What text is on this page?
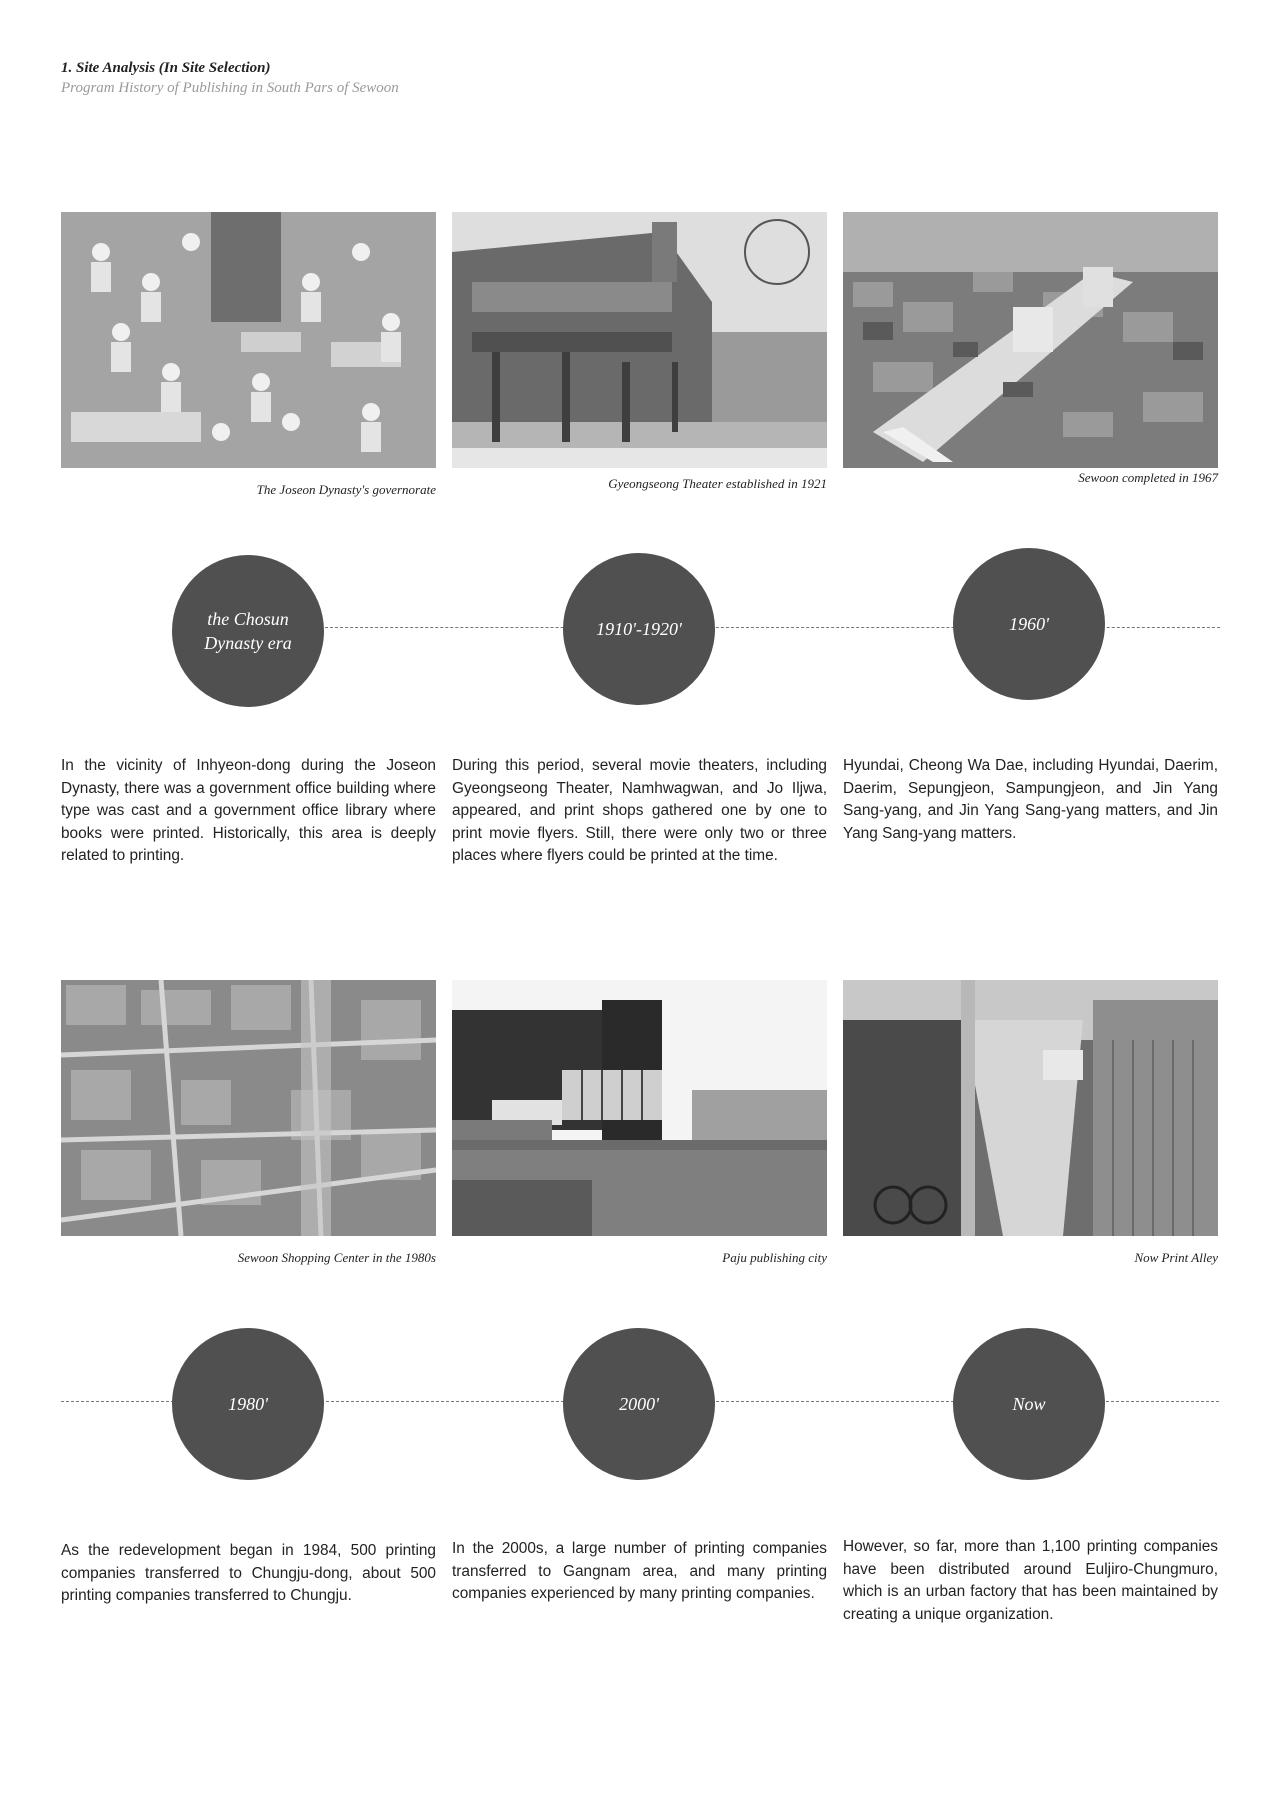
1. Site Analysis (In Site Selection)
Program History of Publishing in South Pars of Sewoon
The Joseon Dynasty's governorate	Gyeongseong Theater established in 1921	Sewoon completed in 1967
the Chosun Dynasty era
1910'-1920'	1960'
In the vicinity of Inhyeon-dong during the Joseon Dynasty, there was a government office building where type was cast and a government office library where books were printed. Historically, this area is deeply related to printing.
During this period, several movie theaters, including Gyeongseong Theater, Namhwagwan, and Jo Iljwa, appeared, and print shops gathered one by one to print movie flyers. Still, there were only two or three places where flyers could be printed at the time.
Hyundai, Cheong Wa Dae, including Hyundai, Daerim, Daerim, Sepungjeon, Sampungjeon, and Jin Yang Sang-yang, and Jin Yang Sang-yang matters, and Jin Yang Sang-yang matters.
Sewoon Shopping Center in the 1980s	Paju publishing city	Now Print Alley
1980'	2000'	Now
As the redevelopment began in 1984, 500 printing companies transferred to Chungju-dong, about 500 printing companies transferred to Chungju.
In the 2000s, a large number of printing companies transferred to Gangnam area, and many printing companies experienced by many printing companies.
However, so far, more than 1,100 printing companies have been distributed around Euljiro-Chungmuro, which is an urban factory that has been maintained by creating a unique organization.
